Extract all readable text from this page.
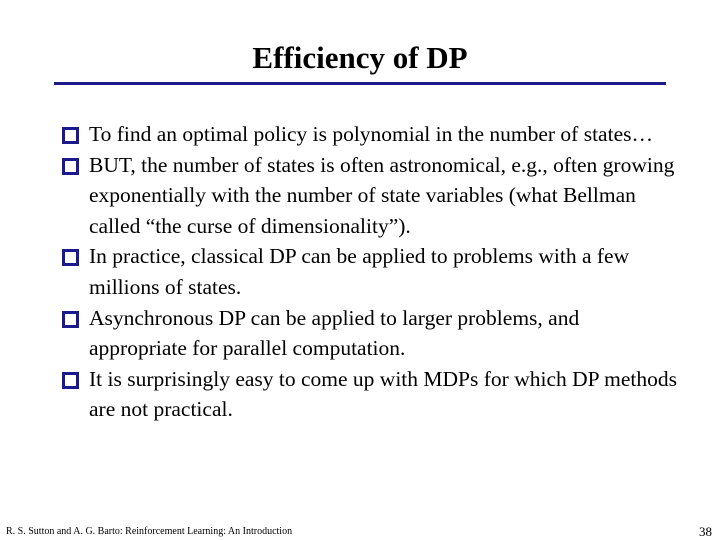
Efficiency of DP
To find an optimal policy is polynomial in the number of states…
BUT, the number of states is often astronomical, e.g., often growing exponentially with the number of state variables (what Bellman called “the curse of dimensionality”).
In practice, classical DP can be applied to problems with a few millions of states.
Asynchronous DP can be applied to larger problems, and appropriate for parallel computation.
It is surprisingly easy to come up with MDPs for which DP methods are not practical.
R. S. Sutton and A. G. Barto: Reinforcement Learning: An Introduction	38
